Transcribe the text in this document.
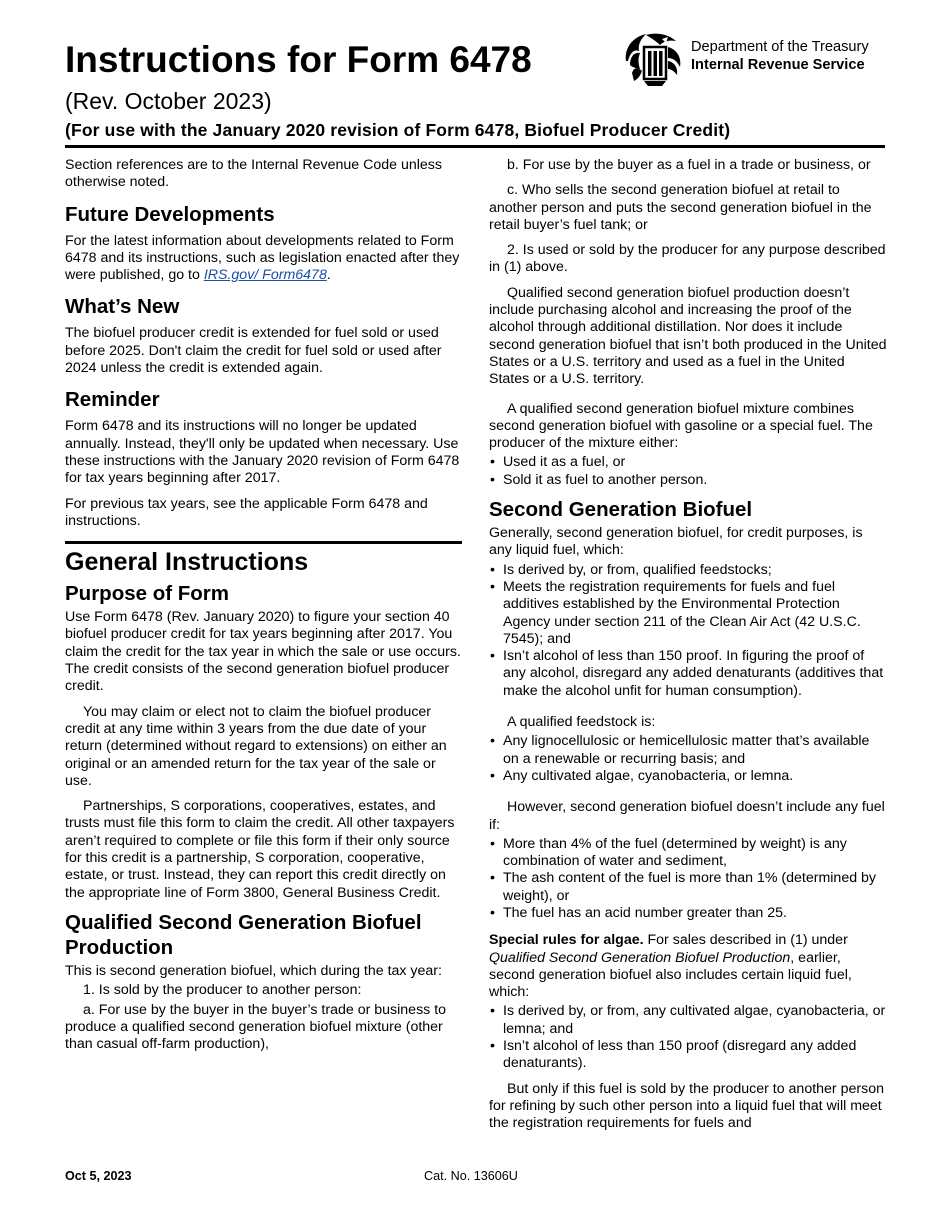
Instructions for Form 6478
(Rev. October 2023)
(For use with the January 2020 revision of Form 6478, Biofuel Producer Credit)
Department of the Treasury
Internal Revenue Service

Section references are to the Internal Revenue Code unless otherwise noted.

Future Developments

For the latest information about developments related to Form 6478 and its instructions, such as legislation enacted after they were published, go to IRS.gov/ Form6478.

What’s New

The biofuel producer credit is extended for fuel sold or used before 2025. Don't claim the credit for fuel sold or used after 2024 unless the credit is extended again.

Reminder

Form 6478 and its instructions will no longer be updated annually. Instead, they'll only be updated when necessary. Use these instructions with the January 2020 revision of Form 6478 for tax years beginning after 2017.

For previous tax years, see the applicable Form 6478 and instructions.

General Instructions
Purpose of Form

Use Form 6478 (Rev. January 2020) to figure your section 40 biofuel producer credit for tax years beginning after 2017. You claim the credit for the tax year in which the sale or use occurs. The credit consists of the second generation biofuel producer credit.

You may claim or elect not to claim the biofuel producer credit at any time within 3 years from the due date of your return (determined without regard to extensions) on either an original or an amended return for the tax year of the sale or use.

Partnerships, S corporations, cooperatives, estates, and trusts must file this form to claim the credit. All other taxpayers aren’t required to complete or file this form if their only source for this credit is a partnership, S corporation, cooperative, estate, or trust. Instead, they can report this credit directly on the appropriate line of Form 3800, General Business Credit.

Qualified Second Generation Biofuel Production

This is second generation biofuel, which during the tax year:

1. Is sold by the producer to another person:

a. For use by the buyer in the buyer’s trade or business to produce a qualified second generation biofuel mixture (other than casual off-farm production),

b. For use by the buyer as a fuel in a trade or business, or

c. Who sells the second generation biofuel at retail to another person and puts the second generation biofuel in the retail buyer’s fuel tank; or

2. Is used or sold by the producer for any purpose described in (1) above.

Qualified second generation biofuel production doesn’t include purchasing alcohol and increasing the proof of the alcohol through additional distillation. Nor does it include second generation biofuel that isn’t both produced in the United States or a U.S. territory and used as a fuel in the United States or a U.S. territory.

A qualified second generation biofuel mixture combines second generation biofuel with gasoline or a special fuel. The producer of the mixture either:

• Used it as a fuel, or
• Sold it as fuel to another person.
Second Generation Biofuel

Generally, second generation biofuel, for credit purposes, is any liquid fuel, which:

• Is derived by, or from, qualified feedstocks;
• Meets the registration requirements for fuels and fuel additives established by the Environmental Protection Agency under section 211 of the Clean Air Act (42 U.S.C. 7545); and
• Isn’t alcohol of less than 150 proof. In figuring the proof of any alcohol, disregard any added denaturants (additives that make the alcohol unfit for human consumption).

A qualified feedstock is:

• Any lignocellulosic or hemicellulosic matter that’s available on a renewable or recurring basis; and
• Any cultivated algae, cyanobacteria, or lemna.

However, second generation biofuel doesn’t include any fuel if:

• More than 4% of the fuel (determined by weight) is any combination of water and sediment,
• The ash content of the fuel is more than 1% (determined by weight), or
• The fuel has an acid number greater than 25.

Special rules for algae. For sales described in (1) under Qualified Second Generation Biofuel Production, earlier, second generation biofuel also includes certain liquid fuel, which:

• Is derived by, or from, any cultivated algae, cyanobacteria, or lemna; and
• Isn’t alcohol of less than 150 proof (disregard any added denaturants).

But only if this fuel is sold by the producer to another person for refining by such other person into a liquid fuel that will meet the registration requirements for fuels and

Oct 5, 2023	Cat. No. 13606U
